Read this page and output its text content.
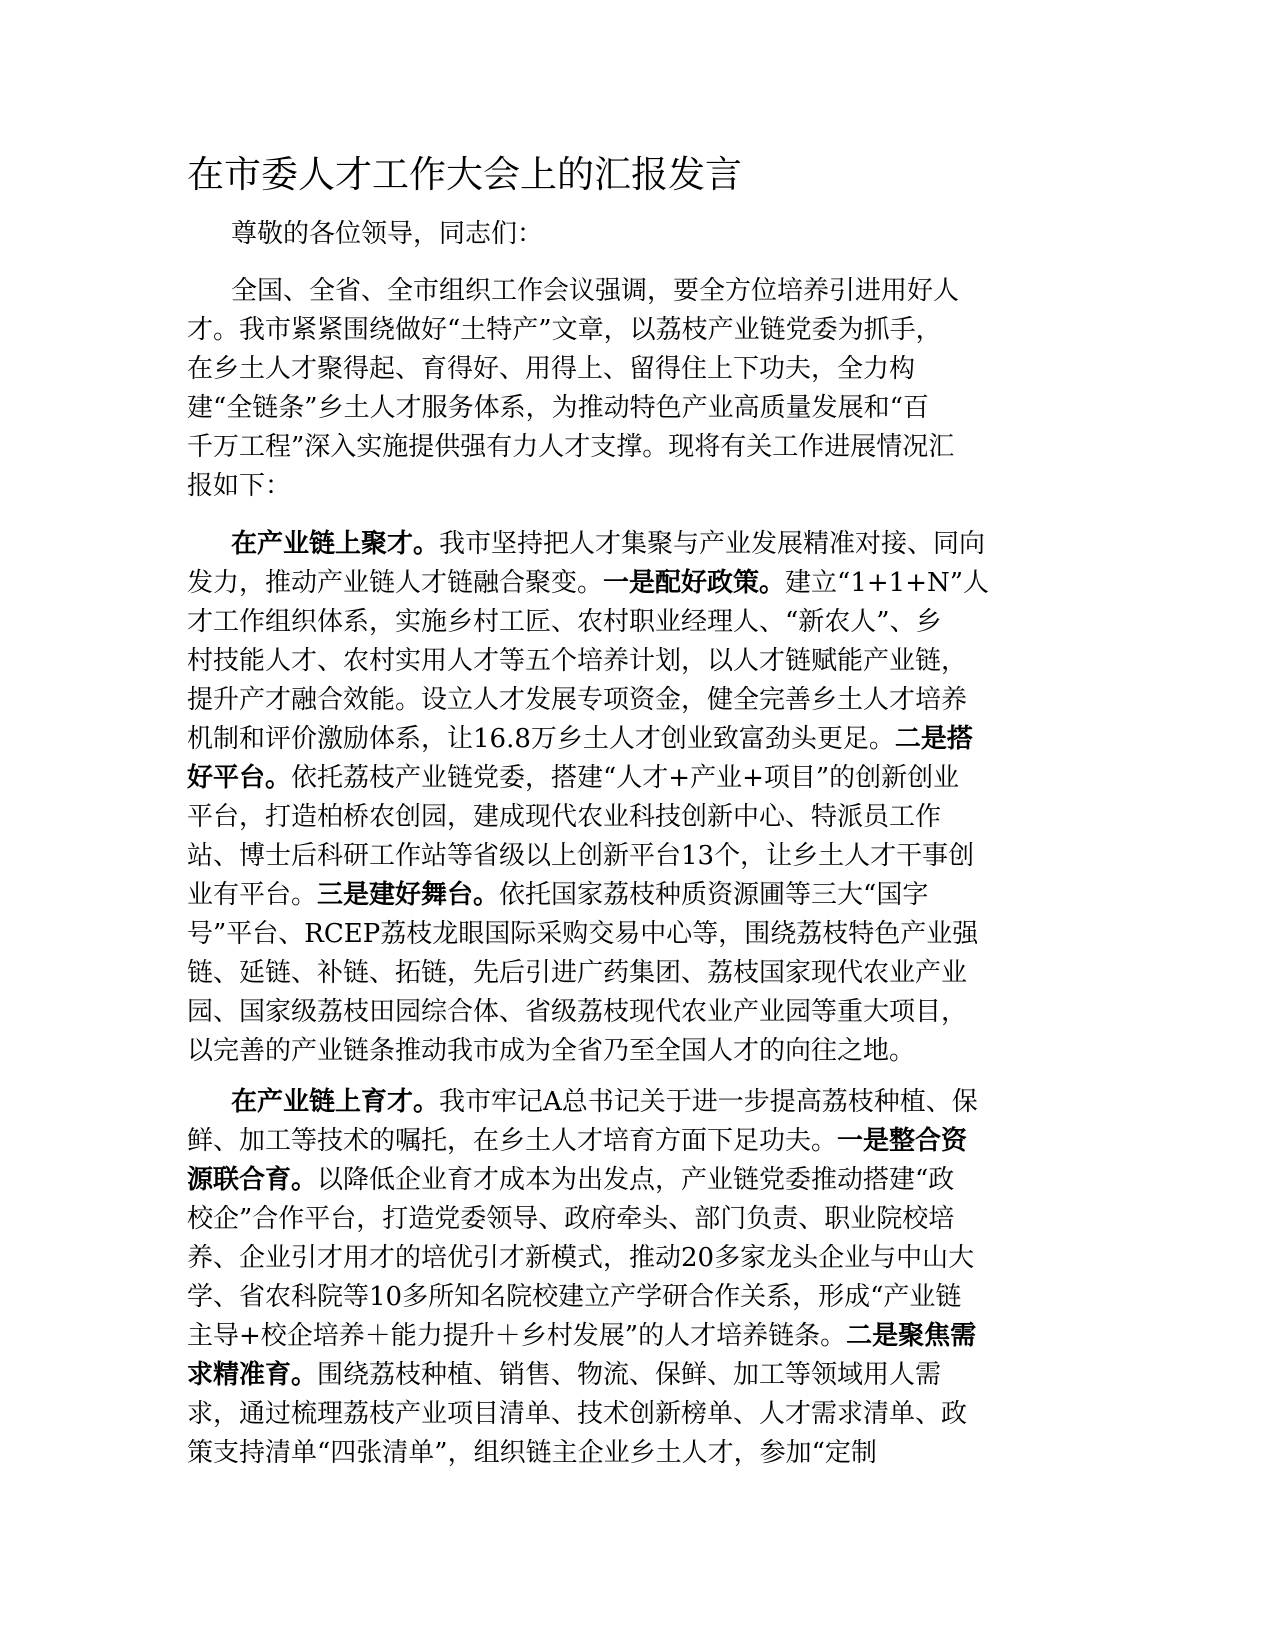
在市委人才工作大会上的汇报发言

尊敬的各位领导，同志们：

全国、全省、全市组织工作会议强调，要全方位培养引进用好人
才。我市紧紧围绕做好“土特产”文章，以荔枝产业链党委为抓手，
在乡土人才聚得起、育得好、用得上、留得住上下功夫，全力构
建“全链条”乡土人才服务体系，为推动特色产业高质量发展和“百
千万工程”深入实施提供强有力人才支撑。现将有关工作进展情况汇
报如下：

在产业链上聚才。我市坚持把人才集聚与产业发展精准对接、同向
发力，推动产业链人才链融合聚变。一是配好政策。建立“1+1+N”人
才工作组织体系，实施乡村工匠、农村职业经理人、“新农人”、乡
村技能人才、农村实用人才等五个培养计划，以人才链赋能产业链，
提升产才融合效能。设立人才发展专项资金，健全完善乡土人才培养
机制和评价激励体系，让16.8万乡土人才创业致富劲头更足。二是搭
好平台。依托荔枝产业链党委，搭建“人才+产业+项目”的创新创业
平台，打造柏桥农创园，建成现代农业科技创新中心、特派员工作
站、博士后科研工作站等省级以上创新平台13个，让乡土人才干事创
业有平台。三是建好舞台。依托国家荔枝种质资源圃等三大“国字
号”平台、RCEP荔枝龙眼国际采购交易中心等，围绕荔枝特色产业强
链、延链、补链、拓链，先后引进广药集团、荔枝国家现代农业产业
园、国家级荔枝田园综合体、省级荔枝现代农业产业园等重大项目，
以完善的产业链条推动我市成为全省乃至全国人才的向往之地。

在产业链上育才。我市牢记A总书记关于进一步提高荔枝种植、保
鲜、加工等技术的嘱托，在乡土人才培育方面下足功夫。一是整合资
源联合育。以降低企业育才成本为出发点，产业链党委推动搭建“政
校企”合作平台，打造党委领导、政府牵头、部门负责、职业院校培
养、企业引才用才的培优引才新模式，推动20多家龙头企业与中山大
学、省农科院等10多所知名院校建立产学研合作关系，形成“产业链
主导+校企培养＋能力提升＋乡村发展”的人才培养链条。二是聚焦需
求精准育。围绕荔枝种植、销售、物流、保鲜、加工等领域用人需
求，通过梳理荔枝产业项目清单、技术创新榜单、人才需求清单、政
策支持清单“四张清单”，组织链主企业乡土人才，参加“定制
